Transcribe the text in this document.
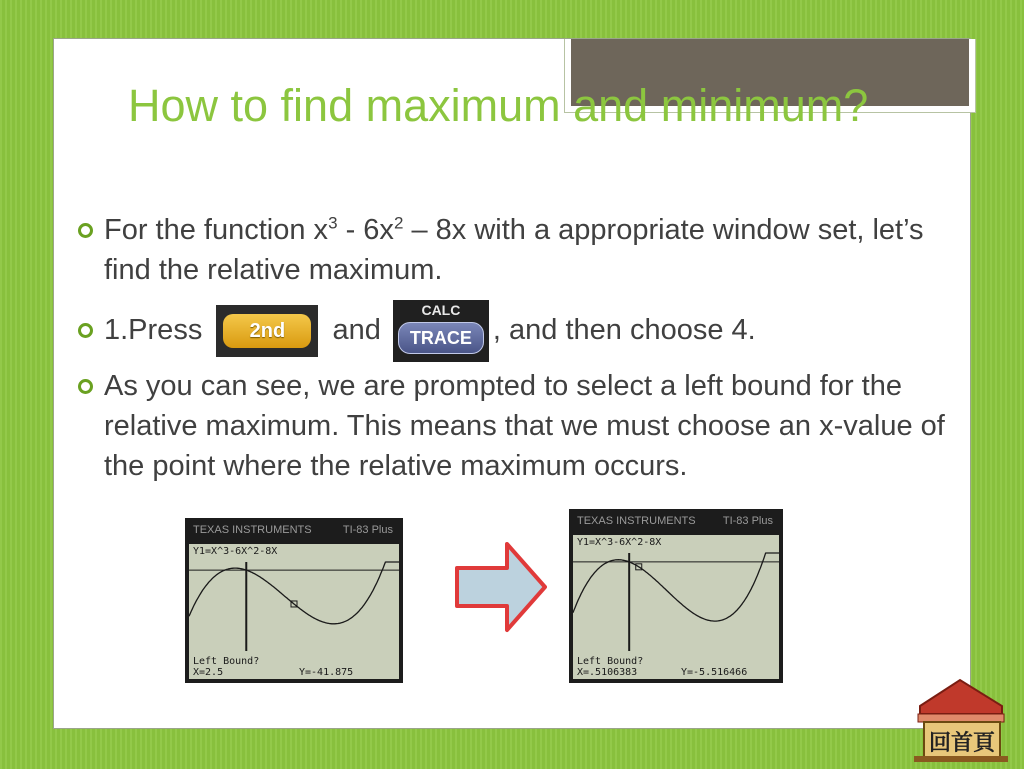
How to find maximum and minimum?
For the function $x^3 - 6x^2 - 8x$ with a appropriate window set, let’s find the relative maximum.
1.Press	2nd	and
CALC
TRACE , and then choose 4.
As you can see, we are prompted to select a left bound for the relative maximum. This means that we must choose an x-value of the point where the relative maximum occurs.
TEXAS INSTRUMENTS	TI-83 Plus
Y1=X^3-6X^2-8X
Left Bound?
X=2.5	Y=-41.875
TEXAS INSTRUMENTS TI-83 Plus
Y1=X^3-6X^2-8X
Left Bound?
X=.5106383	Y=-5.516466
回首頁
